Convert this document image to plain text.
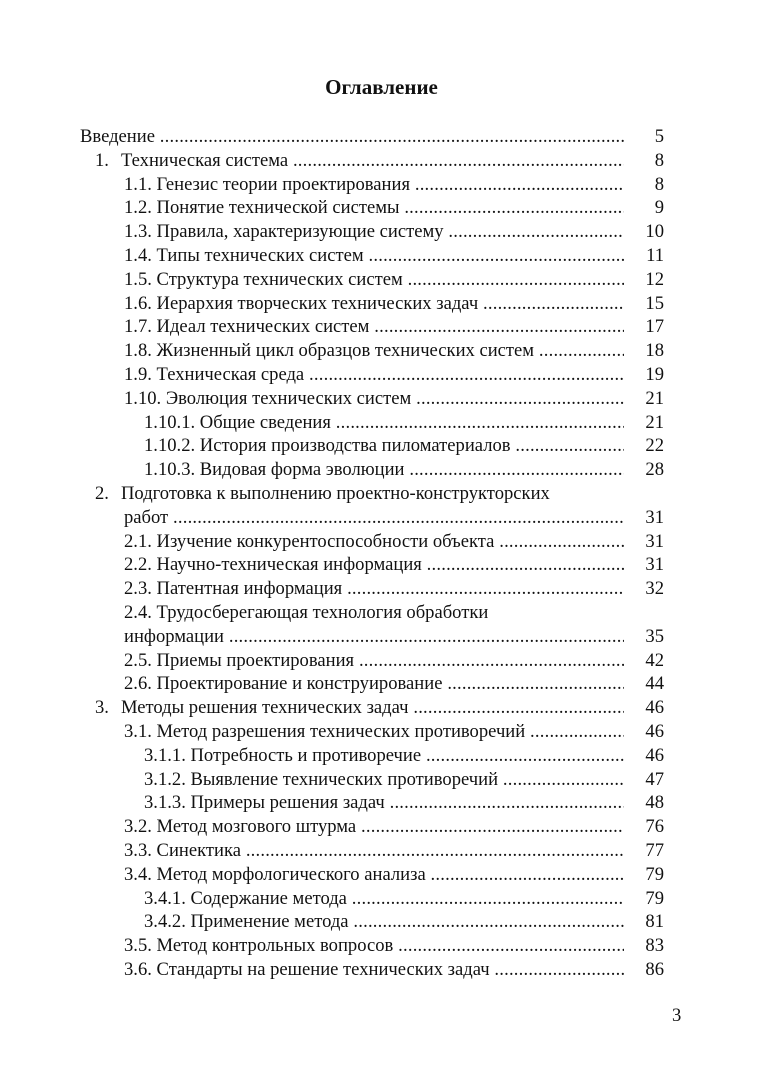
Оглавление
Введение .....	5
1. Техническая система .....	8
1.1. Генезис теории проектирования .....	8
1.2. Понятие технической системы .....	9
1.3. Правила, характеризующие систему .....	10
1.4. Типы технических систем .....	11
1.5. Структура технических систем .....	12
1.6. Иерархия творческих технических задач .....	15
1.7. Идеал технических систем .....	17
1.8. Жизненный цикл образцов технических систем .....	18
1.9. Техническая среда .....	19
1.10. Эволюция технических систем .....	21
1.10.1. Общие сведения .....	21
1.10.2. История производства пиломатериалов .....	22
1.10.3. Видовая форма эволюции .....	28
2. Подготовка к выполнению проектно-конструкторских
работ .....	31
2.1. Изучение конкурентоспособности объекта .....	31
2.2. Научно-техническая информация .....	31
2.3. Патентная информация .....	32
2.4. Трудосберегающая технология обработки
информации .....	35
2.5. Приемы проектирования .....	42
2.6. Проектирование и конструирование .....	44
3. Методы решения технических задач .....	46
3.1. Метод разрешения технических противоречий .....	46
3.1.1. Потребность и противоречие .....	46
3.1.2. Выявление технических противоречий .....	47
3.1.3. Примеры решения задач .....	48
3.2. Метод мозгового штурма .....	76
3.3. Синектика .....	77
3.4. Метод морфологического анализа .....	79
3.4.1. Содержание метода .....	79
3.4.2. Применение метода .....	81
3.5. Метод контрольных вопросов .....	83
3.6. Стандарты на решение технических задач .....	86
3
